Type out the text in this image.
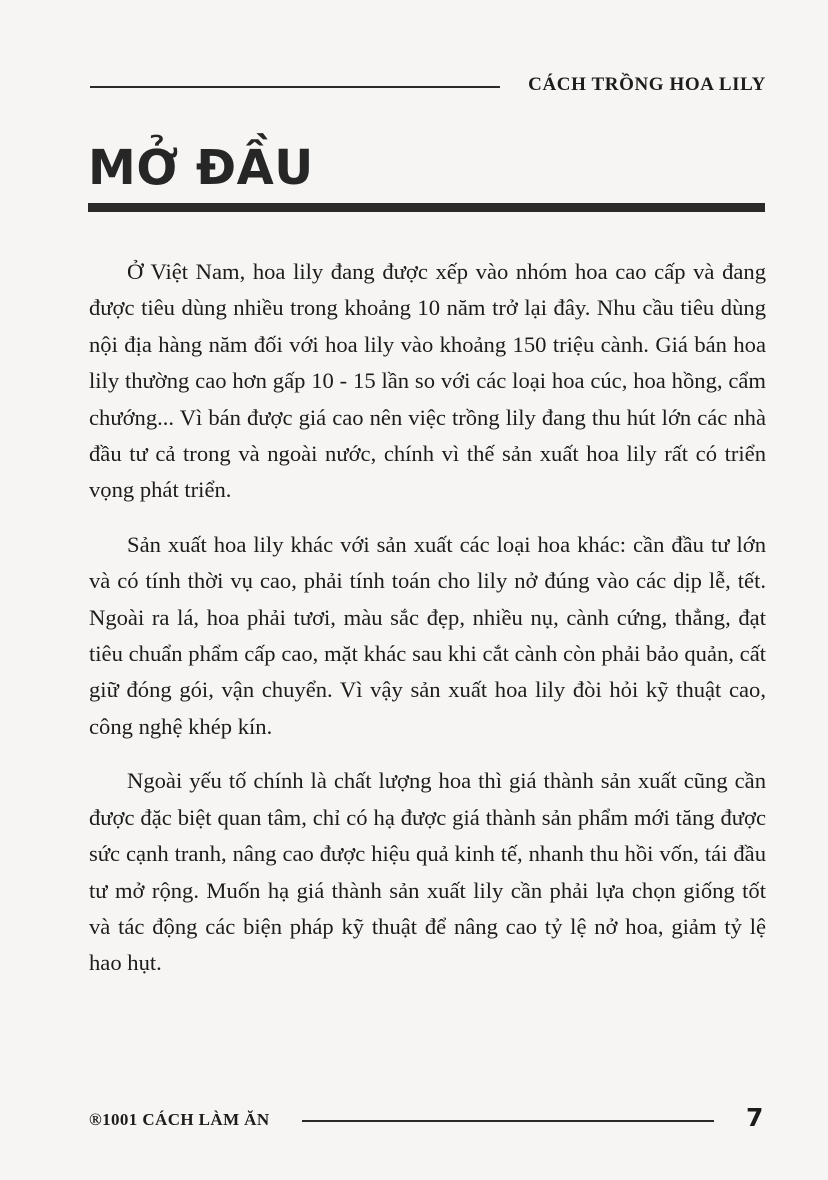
CÁCH TRỒNG HOA LILY
MỞ ĐẦU

Ở Việt Nam, hoa lily đang được xếp vào nhóm hoa cao cấp và đang được tiêu dùng nhiều trong khoảng 10 năm trở lại đây. Nhu cầu tiêu dùng nội địa hàng năm đối với hoa lily vào khoảng 150 triệu cành. Giá bán hoa lily thường cao hơn gấp 10 - 15 lần so với các loại hoa cúc, hoa hồng, cẩm chướng... Vì bán được giá cao nên việc trồng lily đang thu hút lớn các nhà đầu tư cả trong và ngoài nước, chính vì thế sản xuất hoa lily rất có triển vọng phát triển.

Sản xuất hoa lily khác với sản xuất các loại hoa khác: cần đầu tư lớn và có tính thời vụ cao, phải tính toán cho lily nở đúng vào các dịp lễ, tết. Ngoài ra lá, hoa phải tươi, màu sắc đẹp, nhiều nụ, cành cứng, thẳng, đạt tiêu chuẩn phẩm cấp cao, mặt khác sau khi cắt cành còn phải bảo quản, cất giữ đóng gói, vận chuyển. Vì vậy sản xuất hoa lily đòi hỏi kỹ thuật cao, công nghệ khép kín.

Ngoài yếu tố chính là chất lượng hoa thì giá thành sản xuất cũng cần được đặc biệt quan tâm, chỉ có hạ được giá thành sản phẩm mới tăng được sức cạnh tranh, nâng cao được hiệu quả kinh tế, nhanh thu hồi vốn, tái đầu tư mở rộng. Muốn hạ giá thành sản xuất lily cần phải lựa chọn giống tốt và tác động các biện pháp kỹ thuật để nâng cao tỷ lệ nở hoa, giảm tỷ lệ hao hụt.

®1001 CÁCH LÀM ĂN	7
